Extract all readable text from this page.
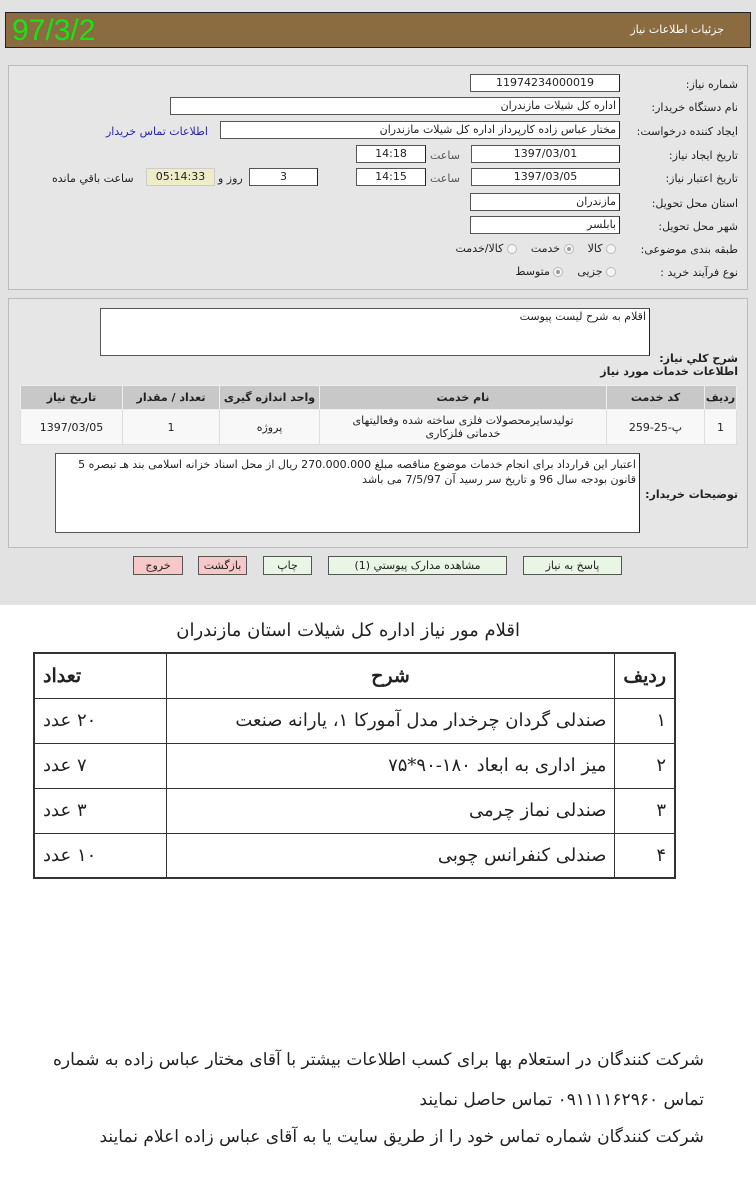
97/3/2	جزئیات اطلاعات نیاز
شماره نیاز:
11974234000019
نام دستگاه خریدار:
اداره کل شیلات مازندران
ایجاد کننده درخواست:
مختار عباس زاده کارپرداز اداره کل شیلات مازندران
اطلاعات تماس خریدار
تاریخ ایجاد نیاز:
1397/03/01
ساعت
14:18
تاریخ اعتبار نیاز:
1397/03/05
ساعت
14:15
3
روز و
05:14:33
ساعت باقي مانده
استان محل تحویل:
مازندران
شهر محل تحویل:
بابلسر
طبقه بندی موضوعی:
کالا     خدمت     کالا/خدمت
نوع فرآیند خرید :
جزیی     متوسط
شرح کلي نیاز:
اقلام به شرح لیست پیوست
اطلاعات خدمات مورد نیاز
ردیف	کد خدمت	نام خدمت	واحد اندازه گیری	تعداد / مقدار	تاریخ نیاز
1	پ-25-259	تولیدسایرمحصولات فلزی ساخته شده وفعالیتهای خدماتی فلزکاری	پروژه	1	1397/03/05
توضیحات خریدار:
اعتبار این قرارداد برای انجام خدمات موضوع مناقصه مبلغ 270.000.000 ریال از محل اسناد خزانه اسلامی بند هـ تبصره 5 قانون بودجه سال 96 و تاریخ سر رسید آن 7/5/97 می باشد
پاسخ به نیاز
مشاهده مدارک پیوستي (1)
چاپ
بازگشت
خروج
اقلام مور نیاز اداره کل شیلات استان مازندران
ردیف	شرح	تعداد
۱	صندلی گردان چرخدار مدل آمورکا ۱، یارانه صنعت	۲۰ عدد
۲	میز اداری به ابعاد ۱۸۰-۹۰*۷۵	۷ عدد
۳	صندلی نماز چرمی	۳ عدد
۴	صندلی کنفرانس چوبی	۱۰ عدد
شرکت کنندگان در استعلام بها برای کسب اطلاعات بیشتر با آقای مختار عباس زاده به شماره
تماس ۰۹۱۱۱۱۶۲۹۶۰ تماس حاصل نمایند
شرکت کنندگان شماره تماس خود را از طریق سایت یا به آقای عباس زاده اعلام نمایند
